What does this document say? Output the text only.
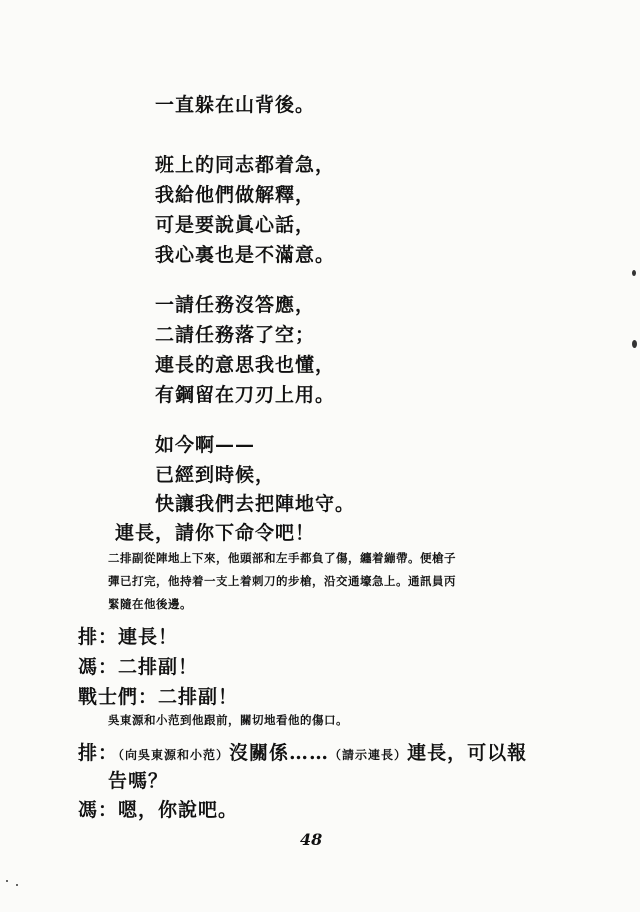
一直躲在山背後。
班上的同志都着急，
我給他們做解釋，
可是要說眞心話，
我心裏也是不滿意。
一請任務沒答應，
二請任務落了空；
連長的意思我也懂，
有鋼留在刀刃上用。
如今啊——
已經到時候，
快讓我們去把陣地守。
連長，請你下命令吧！
二排副從陣地上下來，他頭部和左手都負了傷，纏着繃帶。便槍子
彈已打完，他持着一支上着刺刀的步槍，沿交通壕急上。通訊員丙
緊隨在他後邊。
排：連長！
馮：二排副！
戰士們：二排副！
吳東源和小范到他跟前，關切地看他的傷口。
排：（向吳東源和小范）沒關係……（請示連長）連長，可以報
告嗎？
馮：嗯，你說吧。
48
